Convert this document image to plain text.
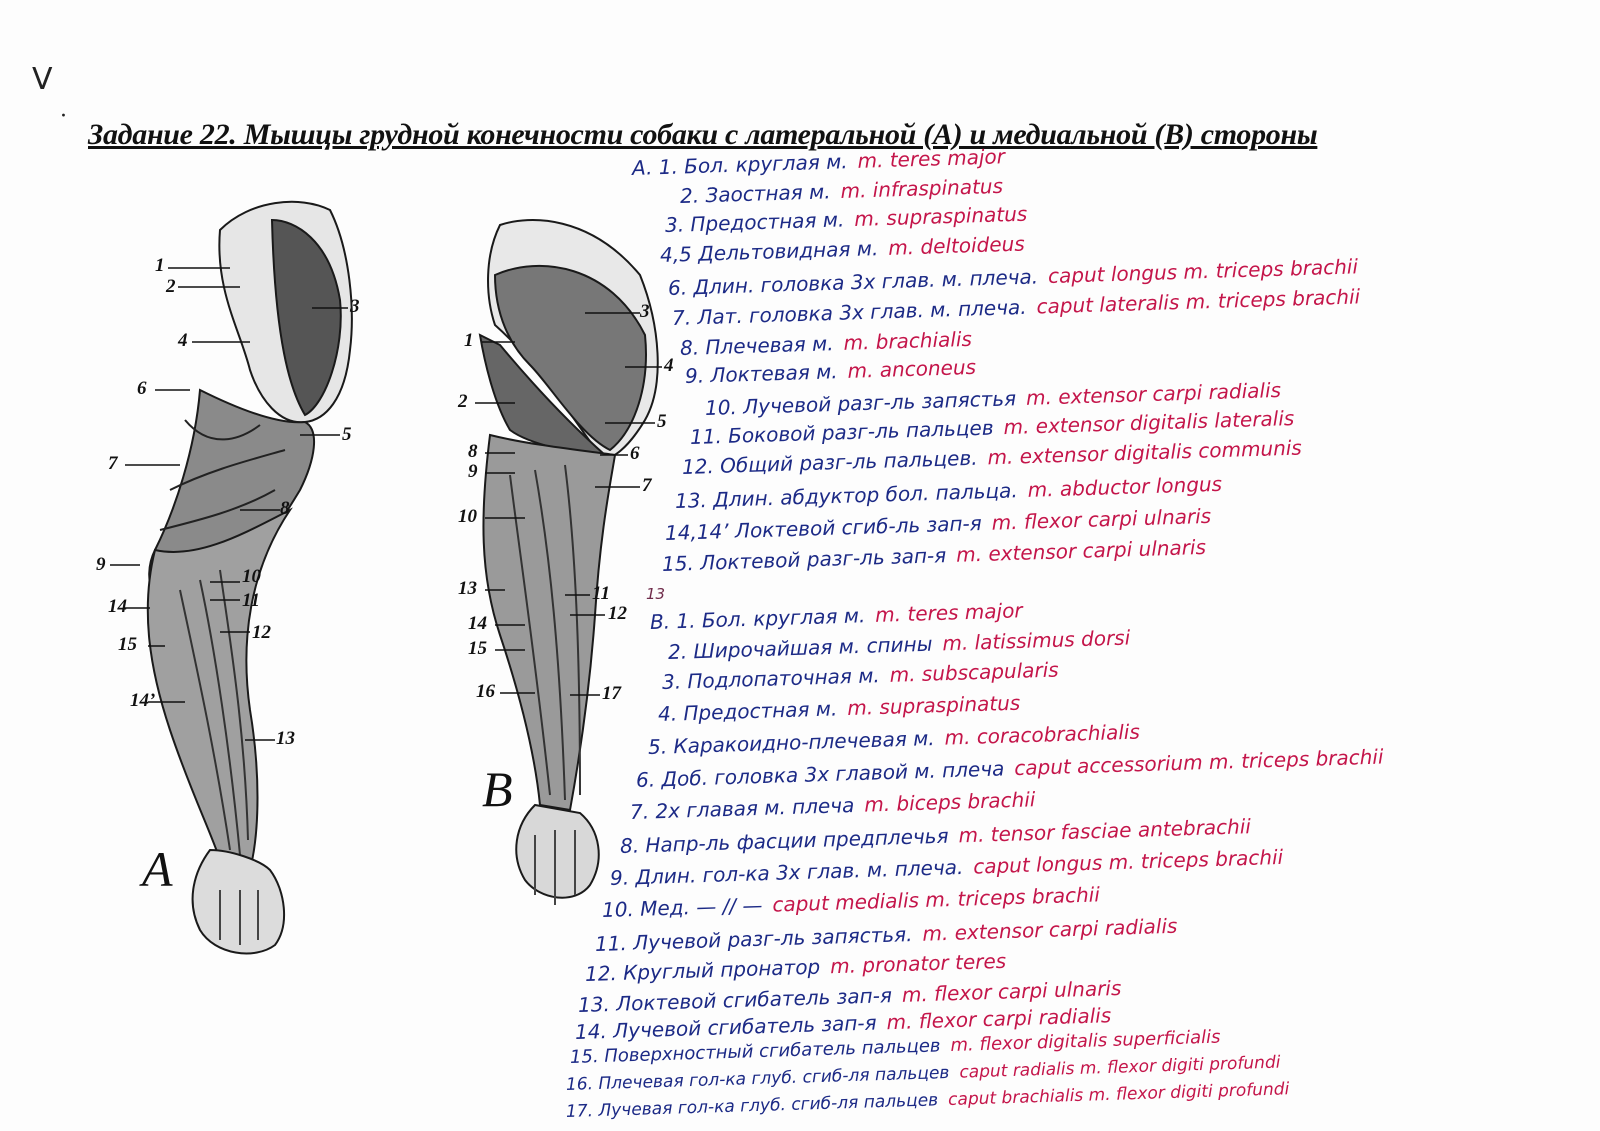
ᐯ
·
Задание 22. Мышцы грудной конечности собаки с латеральной (А) и медиальной (В) стороны
1
2
3
4
5
6
7
8
9
10
11
12
13
14
14’
15
A
1
2
3
4
5
6
7
8
9
10
11
12
13
14
15
16	17
B
A. 1. Бол. круглая м. m. teres major
2. Заостная м. m. infraspinatus
3. Предостная м. m. supraspinatus
4,5 Дельтовидная м. m. deltoideus
6. Длин. головка 3х глав. м. плеча. caput longus m. triceps brachii
7. Лат. головка 3х глав. м. плеча. caput lateralis m. triceps brachii
8. Плечевая м. m. brachialis
9. Локтевая м. m. anconeus
10. Лучевой разг-ль запястья m. extensor carpi radialis
11. Боковой разг-ль пальцев m. extensor digitalis lateralis
12. Общий разг-ль пальцев. m. extensor digitalis communis
13. Длин. абдуктор бол. пальца. m. abductor longus
14,14’ Локтевой сгиб-ль зап-я m. flexor carpi ulnaris
15. Локтевой разг-ль зап-я m. extensor carpi ulnaris
13
B. 1. Бол. круглая м. m. teres major
2. Широчайшая м. спины m. latissimus dorsi
3. Подлопаточная м. m. subscapularis
4. Предостная м. m. supraspinatus
5. Каракоидно-плечевая м. m. coracobrachialis
6. Доб. головка 3х главой м. плеча caput accessorium m. triceps brachii
7. 2х главая м. плеча m. biceps brachii
8. Напр-ль фасции предплечья m. tensor fasciae antebrachii
9. Длин. гол-ка 3х глав. м. плеча. caput longus m. triceps brachii
10. Мед. — // — caput medialis m. triceps brachii
11. Лучевой разг-ль запястья. m. extensor carpi radialis
12. Круглый пронатор m. pronator teres
13. Локтевой сгибатель зап-я m. flexor carpi ulnaris
14. Лучевой сгибатель зап-я m. flexor carpi radialis
15. Поверхностный сгибатель пальцев m. flexor digitalis superficialis
16. Плечевая гол-ка глуб. сгиб-ля пальцев caput radialis m. flexor digiti profundi
17. Лучевая гол-ка глуб. сгиб-ля пальцев caput brachialis m. flexor digiti profundi
